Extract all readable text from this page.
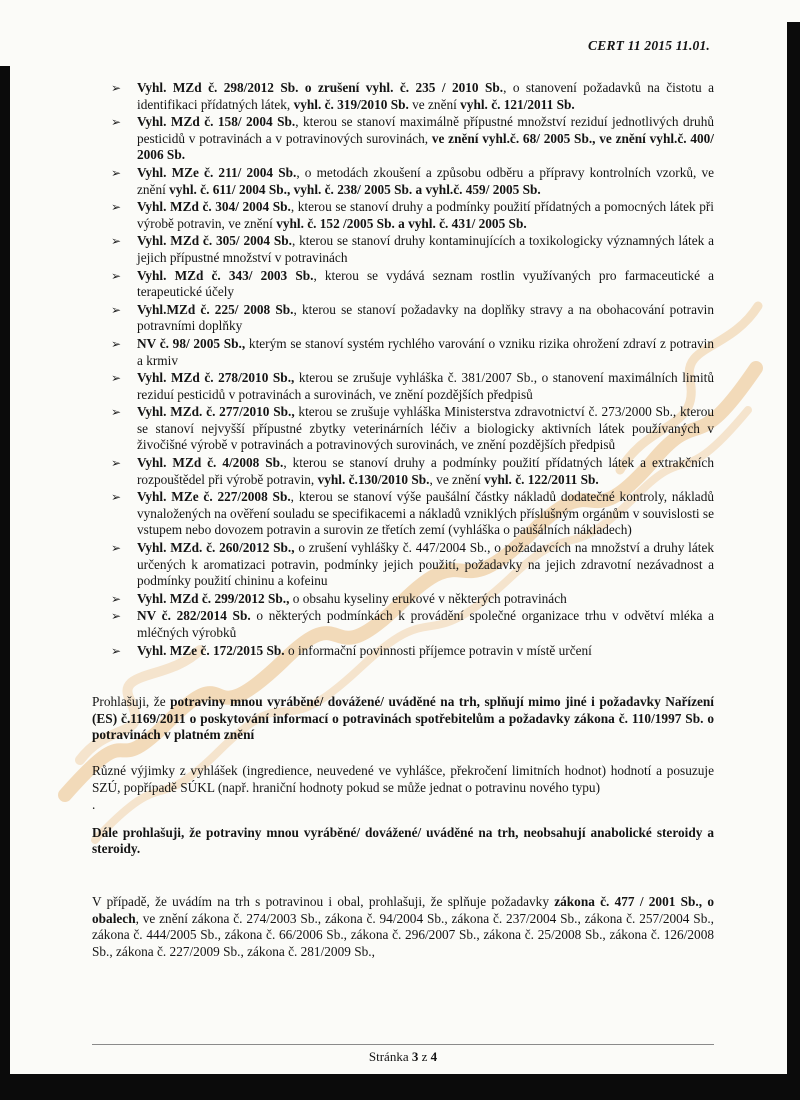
CERT 11 2015 11.01.
➢ Vyhl. MZd č. 298/2012 Sb. o zrušení vyhl. č. 235 / 2010 Sb., o stanovení požadavků na čistotu a identifikaci přídatných látek, vyhl. č. 319/2010 Sb. ve znění vyhl. č. 121/2011 Sb.
➢ Vyhl. MZd č. 158/ 2004 Sb., kterou se stanoví maximálně přípustné množství reziduí jednotlivých druhů pesticidů v potravinách a v potravinových surovinách, ve znění vyhl.č. 68/ 2005 Sb., ve znění vyhl.č. 400/ 2006 Sb.
➢ Vyhl. MZe č. 211/ 2004 Sb., o metodách zkoušení a způsobu odběru a přípravy kontrolních vzorků, ve znění vyhl. č. 611/ 2004 Sb., vyhl. č. 238/ 2005 Sb. a vyhl.č. 459/ 2005 Sb.
➢ Vyhl. MZd č. 304/ 2004 Sb., kterou se stanoví druhy a podmínky použití přídatných a pomocných látek při výrobě potravin, ve znění vyhl. č. 152 /2005 Sb. a vyhl. č. 431/ 2005 Sb.
➢ Vyhl. MZd č. 305/ 2004 Sb., kterou se stanoví druhy kontaminujících a toxikologicky významných látek a jejich přípustné množství v potravinách
➢ Vyhl. MZd č. 343/ 2003 Sb., kterou se vydává seznam rostlin využívaných pro farmaceutické a terapeutické účely
➢ Vyhl.MZd č. 225/ 2008 Sb., kterou se stanoví požadavky na doplňky stravy a na obohacování potravin potravními doplňky
➢ NV č. 98/ 2005 Sb., kterým se stanoví systém rychlého varování o vzniku rizika ohrožení zdraví z potravin a krmiv
➢ Vyhl. MZd č. 278/2010 Sb., kterou se zrušuje vyhláška č. 381/2007 Sb., o stanovení maximálních limitů reziduí pesticidů v potravinách a surovinách, ve znění pozdějších předpisů
➢ Vyhl. MZd. č. 277/2010 Sb., kterou se zrušuje vyhláška Ministerstva zdravotnictví č. 273/2000 Sb., kterou se stanoví nejvyšší přípustné zbytky veterinárních léčiv a biologicky aktivních látek používaných v živočišné výrobě v potravinách a potravinových surovinách, ve znění pozdějších předpisů
➢ Vyhl. MZd č. 4/2008 Sb., kterou se stanoví druhy a podmínky použití přídatných látek a extrakčních rozpouštědel při výrobě potravin, vyhl. č.130/2010 Sb., ve znění vyhl. č. 122/2011 Sb.
➢ Vyhl. MZe č. 227/2008 Sb., kterou se stanoví výše paušální částky nákladů dodatečné kontroly, nákladů vynaložených na ověření souladu se specifikacemi a nákladů vzniklých příslušným orgánům v souvislosti se vstupem nebo dovozem potravin a surovin ze třetích zemí (vyhláška o paušálních nákladech)
➢ Vyhl. MZd. č. 260/2012 Sb., o zrušení vyhlášky č. 447/2004 Sb., o požadavcích na množství a druhy látek určených k aromatizaci potravin, podmínky jejich použití, požadavky na jejich zdravotní nezávadnost a podmínky použití chininu a kofeinu
➢ Vyhl. MZd č. 299/2012 Sb., o obsahu kyseliny erukové v některých potravinách
➢ NV č. 282/2014 Sb. o některých podmínkách k provádění společné organizace trhu v odvětví mléka a mléčných výrobků
➢ Vyhl. MZe č. 172/2015 Sb. o informační povinnosti příjemce potravin v místě určení

Prohlašuji, že potraviny mnou vyráběné/ dovážené/ uváděné na trh, splňují mimo jiné i požadavky Nařízení (ES) č.1169/2011 o poskytování informací o potravinách spotřebitelům a požadavky zákona č. 110/1997 Sb. o potravinách v platném znění

Různé výjimky z vyhlášek (ingredience, neuvedené ve vyhlášce, překročení limitních hodnot) hodnotí a posuzuje SZÚ, popřípadě SÚKL (např. hraniční hodnoty pokud se může jednat o potravinu nového typu)

.

Dále prohlašuji, že potraviny mnou vyráběné/ dovážené/ uváděné na trh, neobsahují anabolické steroidy a steroidy.

V případě, že uvádím na trh s potravinou i obal, prohlašuji, že splňuje požadavky zákona č. 477 / 2001 Sb., o obalech, ve znění zákona č. 274/2003 Sb., zákona č. 94/2004 Sb., zákona č. 237/2004 Sb., zákona č. 257/2004 Sb., zákona č. 444/2005 Sb., zákona č. 66/2006 Sb., zákona č. 296/2007 Sb., zákona č. 25/2008 Sb., zákona č. 126/2008 Sb., zákona č. 227/2009 Sb., zákona č. 281/2009 Sb.,

Stránka 3 z 4
